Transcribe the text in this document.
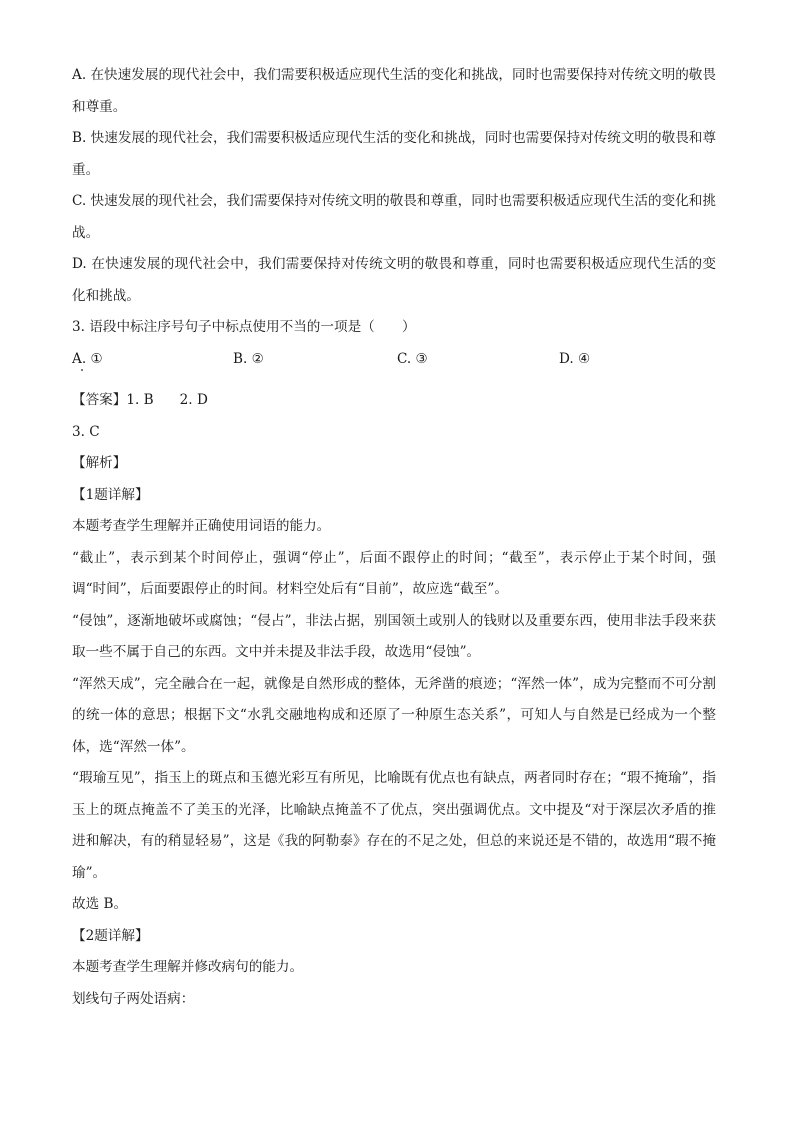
A. 在快速发展的现代社会中，我们需要积极适应现代生活的变化和挑战，同时也需要保持对传统文明的敬畏和尊重。

B. 快速发展的现代社会，我们需要积极适应现代生活的变化和挑战，同时也需要保持对传统文明的敬畏和尊重。

C. 快速发展的现代社会，我们需要保持对传统文明的敬畏和尊重，同时也需要积极适应现代生活的变化和挑战。

D. 在快速发展的现代社会中，我们需要保持对传统文明的敬畏和尊重，同时也需要积极适应现代生活的变化和挑战。

3. 语段中标注序号句子中标点使用不当的一项是（　　）

A. ①	B. ②	C. ③	D. ④
【答案】1. B 2. D

3. C

【解析】

【1题详解】

本题考查学生理解并正确使用词语的能力。

“截止”，表示到某个时间停止，强调“停止”，后面不跟停止的时间；“截至”，表示停止于某个时间，强调“时间”，后面要跟停止的时间。材料空处后有“目前”，故应选“截至”。

“侵蚀”，逐渐地破坏或腐蚀；“侵占”，非法占据，别国领土或别人的钱财以及重要东西，使用非法手段来获取一些不属于自己的东西。文中并未提及非法手段，故选用“侵蚀”。

“浑然天成”，完全融合在一起，就像是自然形成的整体，无斧凿的痕迹；“浑然一体”，成为完整而不可分割的统一体的意思；根据下文“水乳交融地构成和还原了一种原生态关系”，可知人与自然是已经成为一个整体，选“浑然一体”。

“瑕瑜互见”，指玉上的斑点和玉德光彩互有所见，比喻既有优点也有缺点，两者同时存在；“瑕不掩瑜”，指玉上的斑点掩盖不了美玉的光泽，比喻缺点掩盖不了优点，突出强调优点。文中提及“对于深层次矛盾的推进和解决，有的稍显轻易”，这是《我的阿勒泰》存在的不足之处，但总的来说还是不错的，故选用“瑕不掩瑜”。

故选 B。

【2题详解】

本题考查学生理解并修改病句的能力。

划线句子两处语病：
